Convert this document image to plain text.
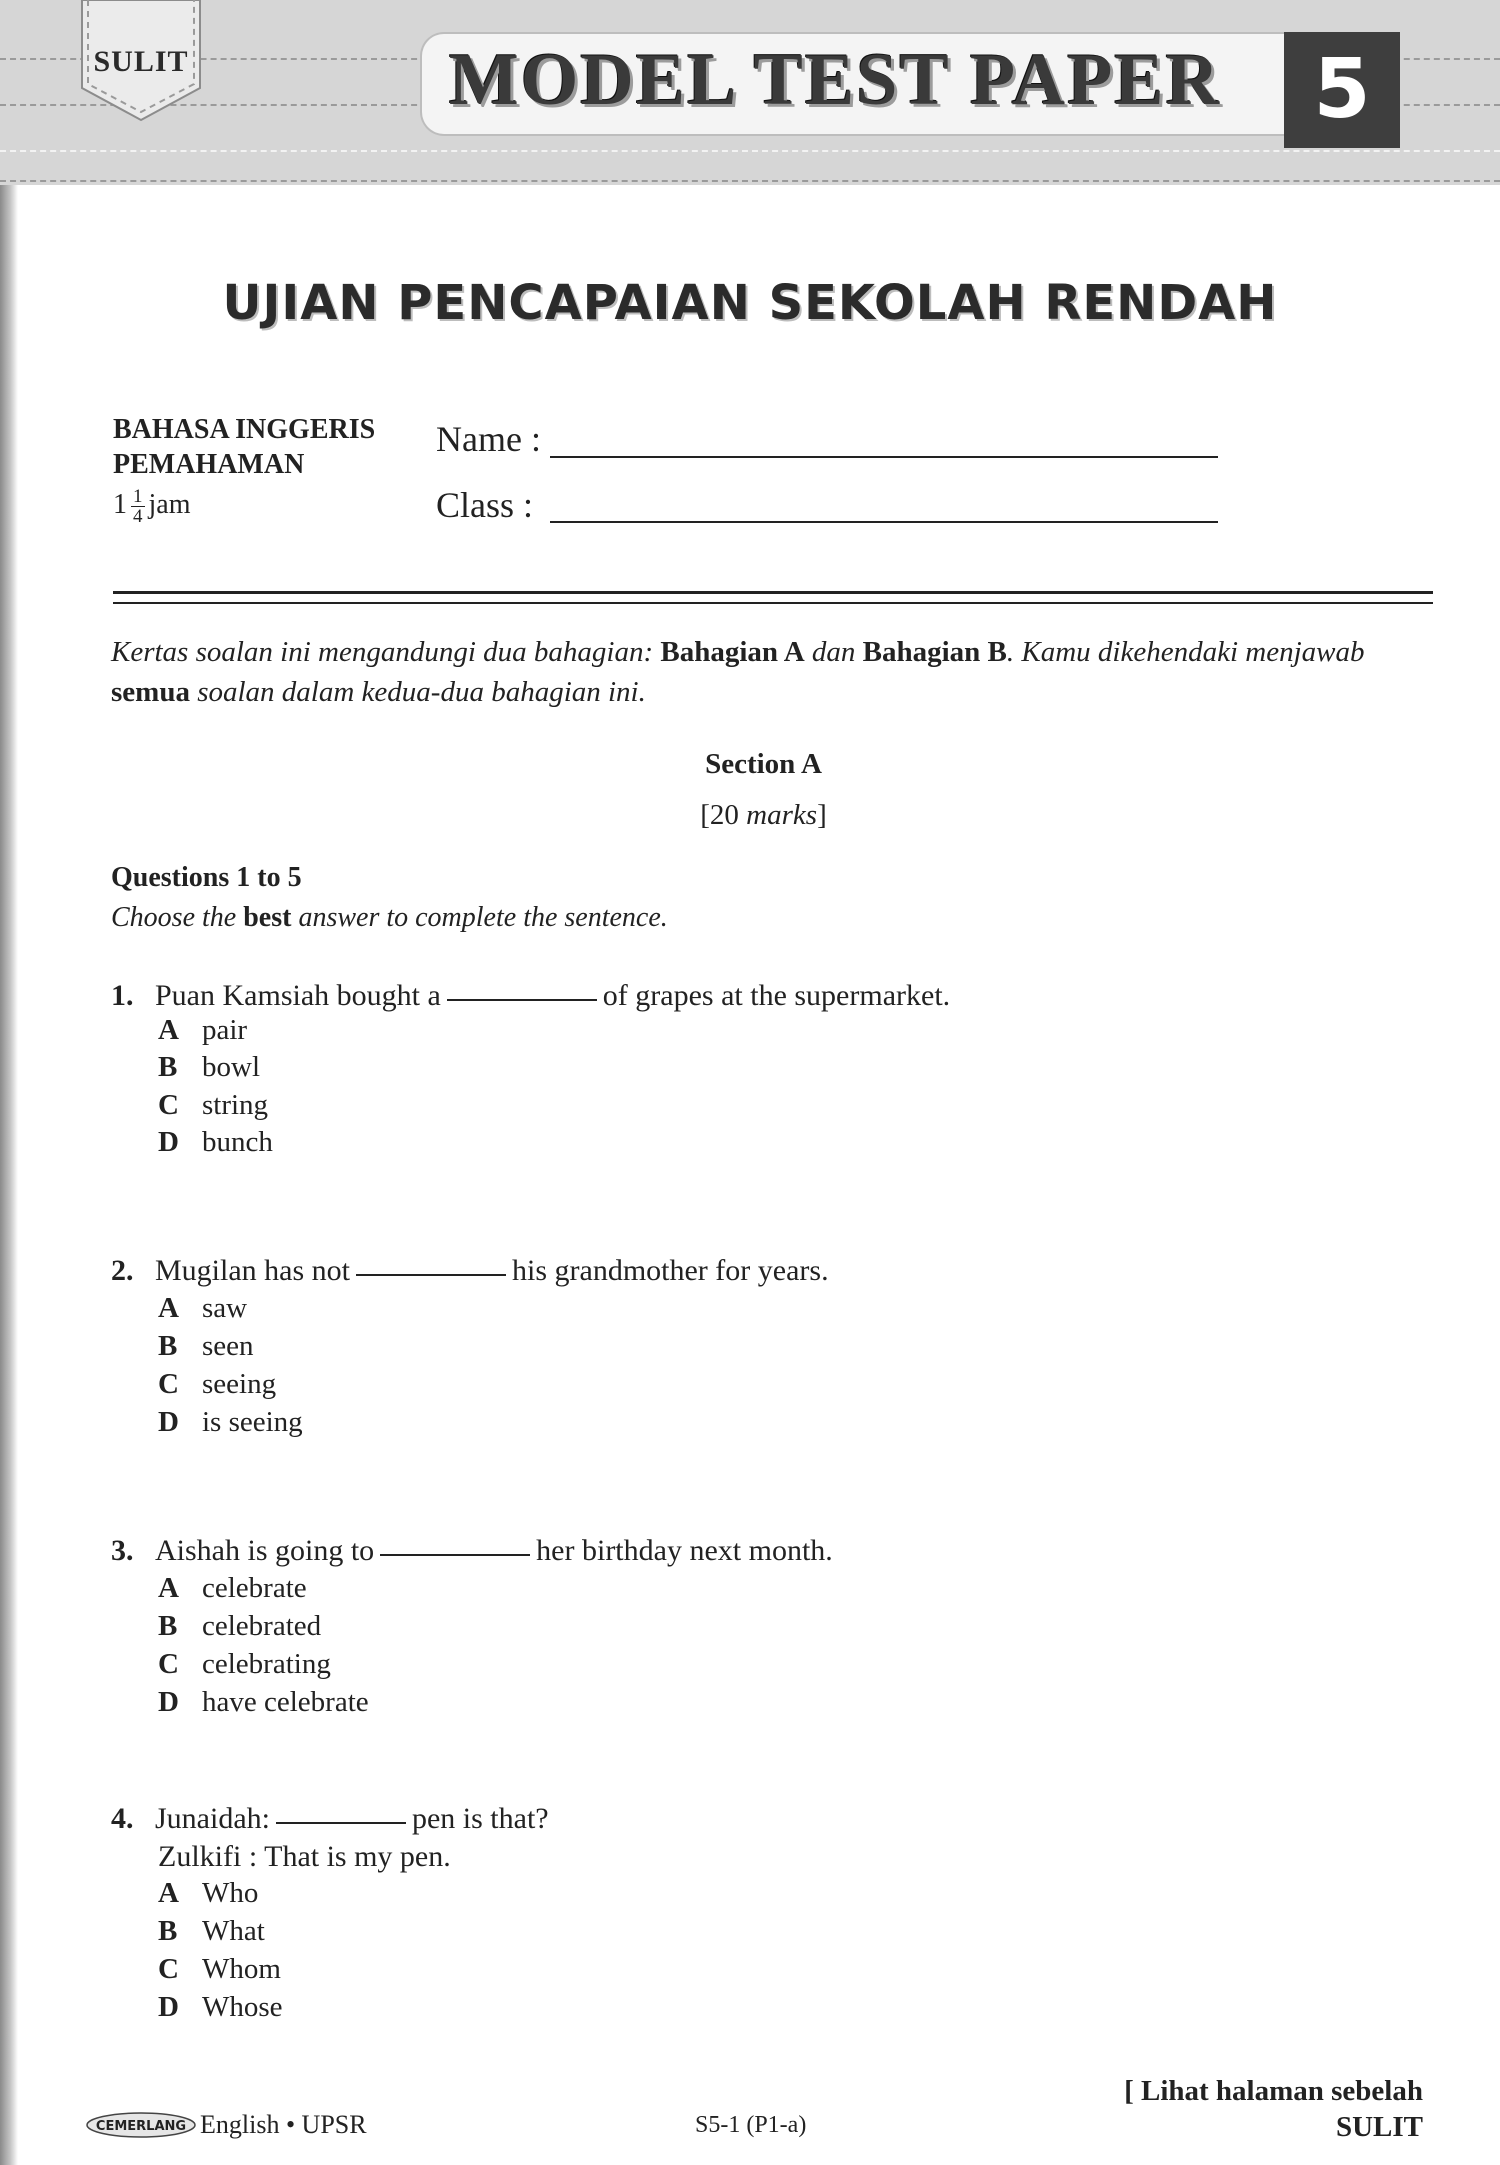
SULIT	MODEL TEST PAPER	5
UJIAN PENCAPAIAN SEKOLAH RENDAH
BAHASA INGGERIS
PEMAHAMAN
$1 \frac{1}{4}$ jam
Name :
Class :
Kertas soalan ini mengandungi dua bahagian: Bahagian A dan Bahagian B. Kamu dikehendaki menjawab
semua soalan dalam kedua-dua bahagian ini.
Section A
[20 marks]
Questions 1 to 5
Choose the best answer to complete the sentence.
1. Puan Kamsiah bought a	of grapes at the supermarket.
A pair
B bowl
C string
D bunch
2. Mugilan has not	his grandmother for years.
A saw
B seen
C seeing
D is seeing
3. Aishah is going to	her birthday next month.
A celebrate
B celebrated
C celebrating
D have celebrate
4. Junaidah:	pen is that?
Zulkifi : That is my pen.
A Who
B What
C Whom
D Whose
[ Lihat halaman sebelah
SULIT
CEMERLANG English • UPSR	S5-1 (P1-a)
